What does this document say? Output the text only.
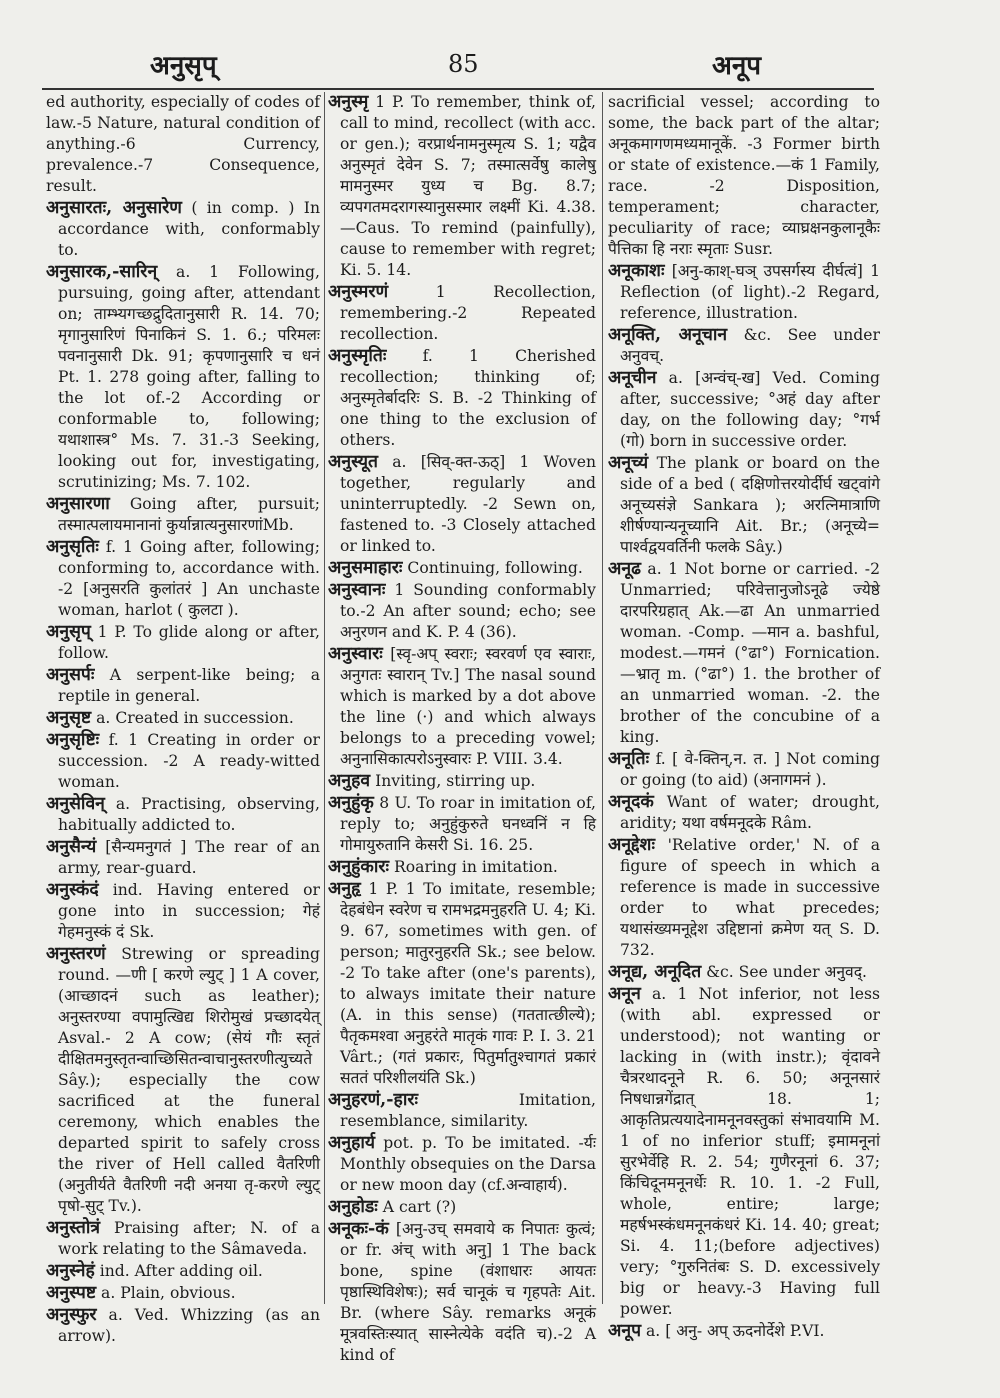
अनुसृप्	85	अनूप

ed authority, especially of codes of law.-5 Nature, natural condition of anything.-6 Currency, prevalence.-7 Consequence, result.

अनुसारतः, अनुसारेण ( in comp. ) In accordance with, conformably to.

अनुसारक,-सारिन् a. 1 Following, pursuing, going after, attendant on; ताम्भ्यगच्छद्रुदितानुसारी R. 14. 70; मृगानुसारिणं पिनाकिनं S. 1. 6.; परिमलः पवनानुसारी Dk. 91; कृपणानुसारि च धनं Pt. 1. 278 going after, falling to the lot of.-2 According or conformable to, following; यथाशास्त्र° Ms. 7. 31.-3 Seeking, looking out for, investigating, scrutinizing; Ms. 7. 102.

अनुसारणा Going after, pursuit; तस्मात्पलायमानानां कुर्यान्नात्यनुसारणांMb.

अनुसृतिः f. 1 Going after, following; conforming to, accordance with. -2 [अनुसरति कुलांतरं ] An unchaste woman, harlot ( कुलटा ).

अनुसृप् 1 P. To glide along or after, follow.

अनुसर्पः A serpent-like being; a reptile in general.

अनुसृष्ट a. Created in succession.

अनुसृष्टिः f. 1 Creating in order or succession. -2 A ready-witted woman.

अनुसेविन् a. Practising, observing, habitually addicted to.

अनुसैन्यं [सैन्यमनुगतं ] The rear of an army, rear-guard.

अनुस्कंदं ind. Having entered or gone into in succession; गेहं गेहमनुस्कं दं Sk.

अनुस्तरणं Strewing or spreading round. —णी [ करणे ल्युट् ] 1 A cover, (आच्छादनं such as leather); अनुस्तरण्या वपामुत्खिद्य शिरोमुखं प्रच्छादयेत् Asval.- 2 A cow; (सेयं गौः स्तृतं दीक्षितमनुस्तृतन्वाच्छिसितन्वाचानुस्तरणीत्युच्यते Sây.); especially the cow sacrificed at the funeral ceremony, which enables the departed spirit to safely cross the river of Hell called वैतरिणी (अनुतीर्यते वैतरिणी नदी अनया तृ-करणे ल्युट् पृषो-सुट् Tv.).

अनुस्तोत्रं Praising after; N. of a work relating to the Sâmaveda.

अनुस्नेहं ind. After adding oil.

अनुस्पष्ट a. Plain, obvious.

अनुस्फुर a. Ved. Whizzing (as an arrow).

अनुस्मृ 1 P. To remember, think of, call to mind, recollect (with acc. or gen.); वरप्रार्थनामनुस्मृत्य S. 1; यद्वैव अनुस्मृतं देवेन S. 7; तस्मात्सर्वेषु कालेषु मामनुस्मर युध्य च Bg. 8.7; व्यपगतमदरागस्यानुसस्मार लक्ष्मीं Ki. 4.38.—Caus. To remind (painfully), cause to remember with regret; Ki. 5. 14.

अनुस्मरणं	1 Recollection, remembering.-2 Repeated recollection.

अनुस्मृतिः f. 1 Cherished recollection; thinking of; अनुस्मृतेर्बादरिः S. B. -2 Thinking of one thing to the exclusion of others.

अनुस्यूत a. [सिव्-क्त-ऊठ्] 1 Woven together, regularly and uninterruptedly. -2 Sewn on, fastened to. -3 Closely attached or linked to.

अनुसमाहारः Continuing, following.

अनुस्वानः 1 Sounding conformably to.-2 An after sound; echo; see अनुरणन and K. P. 4 (36).

अनुस्वारः [स्वृ-अप् स्वराः; स्वरवर्ण एव स्वाराः, अनुगतः स्वारान् Tv.] The nasal sound which is marked by a dot above the line (·) and which always belongs to a preceding vowel; अनुनासिकात्परोऽनुस्वारः P. VIII. 3.4.

अनुहव Inviting, stirring up.

अनुहुंकृ 8 U. To roar in imitation of, reply to; अनुहुंकुरुते घनध्वनिं न हि गोमायुरुतानि केसरी Si. 16. 25.

अनुहुंकारः Roaring in imitation.

अनुहृ 1 P. 1 To imitate, resemble; देहबंधेन स्वरेण च रामभद्रमनुहरति U. 4; Ki. 9. 67, sometimes with gen. of person; मातुरनुहरति Sk.; see below. -2 To take after (one's parents), to always imitate their nature (A. in this sense) (गततात्छील्ये); पैतृकमश्वा अनुहरंते मातृकं गावः P. I. 3. 21 Vârt.; (गतं प्रकारः, पितुर्मातुश्चागतं प्रकारं सततं परिशीलयंति Sk.)

अनुहरणं,-हारः	Imitation, resemblance, similarity.

अनुहार्य pot. p. To be imitated. -र्यः Monthly obsequies on the Darsa or new moon day (cf.अन्वाहार्य).

अनुहोडः A cart (?)

अनूकः-कं [अनु-उच् समवाये क निपातः कुत्वं; or fr. अंच् with अनु] 1 The back bone, spine (वंशाधारः आयतः पृष्ठास्थिविशेषः); सर्व चानूकं च गृहपतेः Ait. Br. (where Sây. remarks अनूकं मूत्रवस्तिःस्यात् सास्नेत्येके वदंति च).-2 A kind of

sacrificial vessel; according to some, the back part of the altar; अनूकमागणमध्यमानूकें. -3 Former birth or state of existence.—कं 1 Family, race. -2 Disposition, temperament; character, peculiarity of race; व्याघ्रक्षनकुलानूकैः पैत्तिका हि नराः स्मृताः Susr.

अनूकाशः [अनु-काश्-घञ् उपसर्गस्य दीर्घत्वं] 1 Reflection (of light).-2 Regard, reference, illustration.

अनूक्ति, अनूचान &c. See under अनुवच्.

अनूचीन a. [अन्वंच्-ख] Ved. Coming after, successive; °अहं day after day, on the following day; °गर्भ (गो) born in successive order.

अनूच्यं The plank or board on the side of a bed ( दक्षिणोत्तरयोर्दीर्घ खट्वांगे अनूच्यसंज्ञे Sankara ); अरत्निमात्राणि शीर्षण्यान्यनूच्यानि Ait. Br.; (अनूच्ये= पार्श्वद्वयवर्तिनी फलके Sây.)

अनूढ a. 1 Not borne or carried. -2 Unmarried; परिवेत्तानुजोऽनूढे ज्येष्ठे दारपरिग्रहात् Ak.—ढा An unmarried woman. -Comp. —मान a. bashful, modest.—गमनं (°ढा°) Fornication. —भ्रातृ m. (°ढा°) 1. the brother of an unmarried woman. -2. the brother of the concubine of a king.

अनूतिः f. [ वे-क्तिन्,न. त. ] Not coming or going (to aid) (अनागमनं ).

अनूदकं Want of water; drought, aridity; यथा वर्षमनूदके Râm.

अनूद्देशः 'Relative order,' N. of a figure of speech in which a reference is made in successive order to what precedes; यथासंख्यमनूद्देश उद्दिष्टानां क्रमेण यत् S. D. 732.

अनूद्य, अनूदित &c. See under अनुवद्.

अनून a. 1 Not inferior, not less (with abl. expressed or understood); not wanting or lacking in (with instr.); वृंदावने चैत्ररथादनूने R. 6. 50; अनूनसारं निषधान्नगेंद्रात् 18. 1; आकृतिप्रत्ययादेनामनूनवस्तुकां संभावयामि M. 1 of no inferior stuff; इमामनूनां सुरभेर्वेहि R. 2. 54; गुणैरनूनां 6. 37; किंचिदूनमनूनर्धेः R. 10. 1. -2 Full, whole, entire; large; महर्षभस्कंधमनूनकंधरं Ki. 14. 40; great; Si. 4. 11;(before adjectives) very; °गुरुनितंबः S. D. excessively big or heavy.-3 Having full power.

अनूप a. [ अनु- अप् ऊदनोर्देशे P.VI.
